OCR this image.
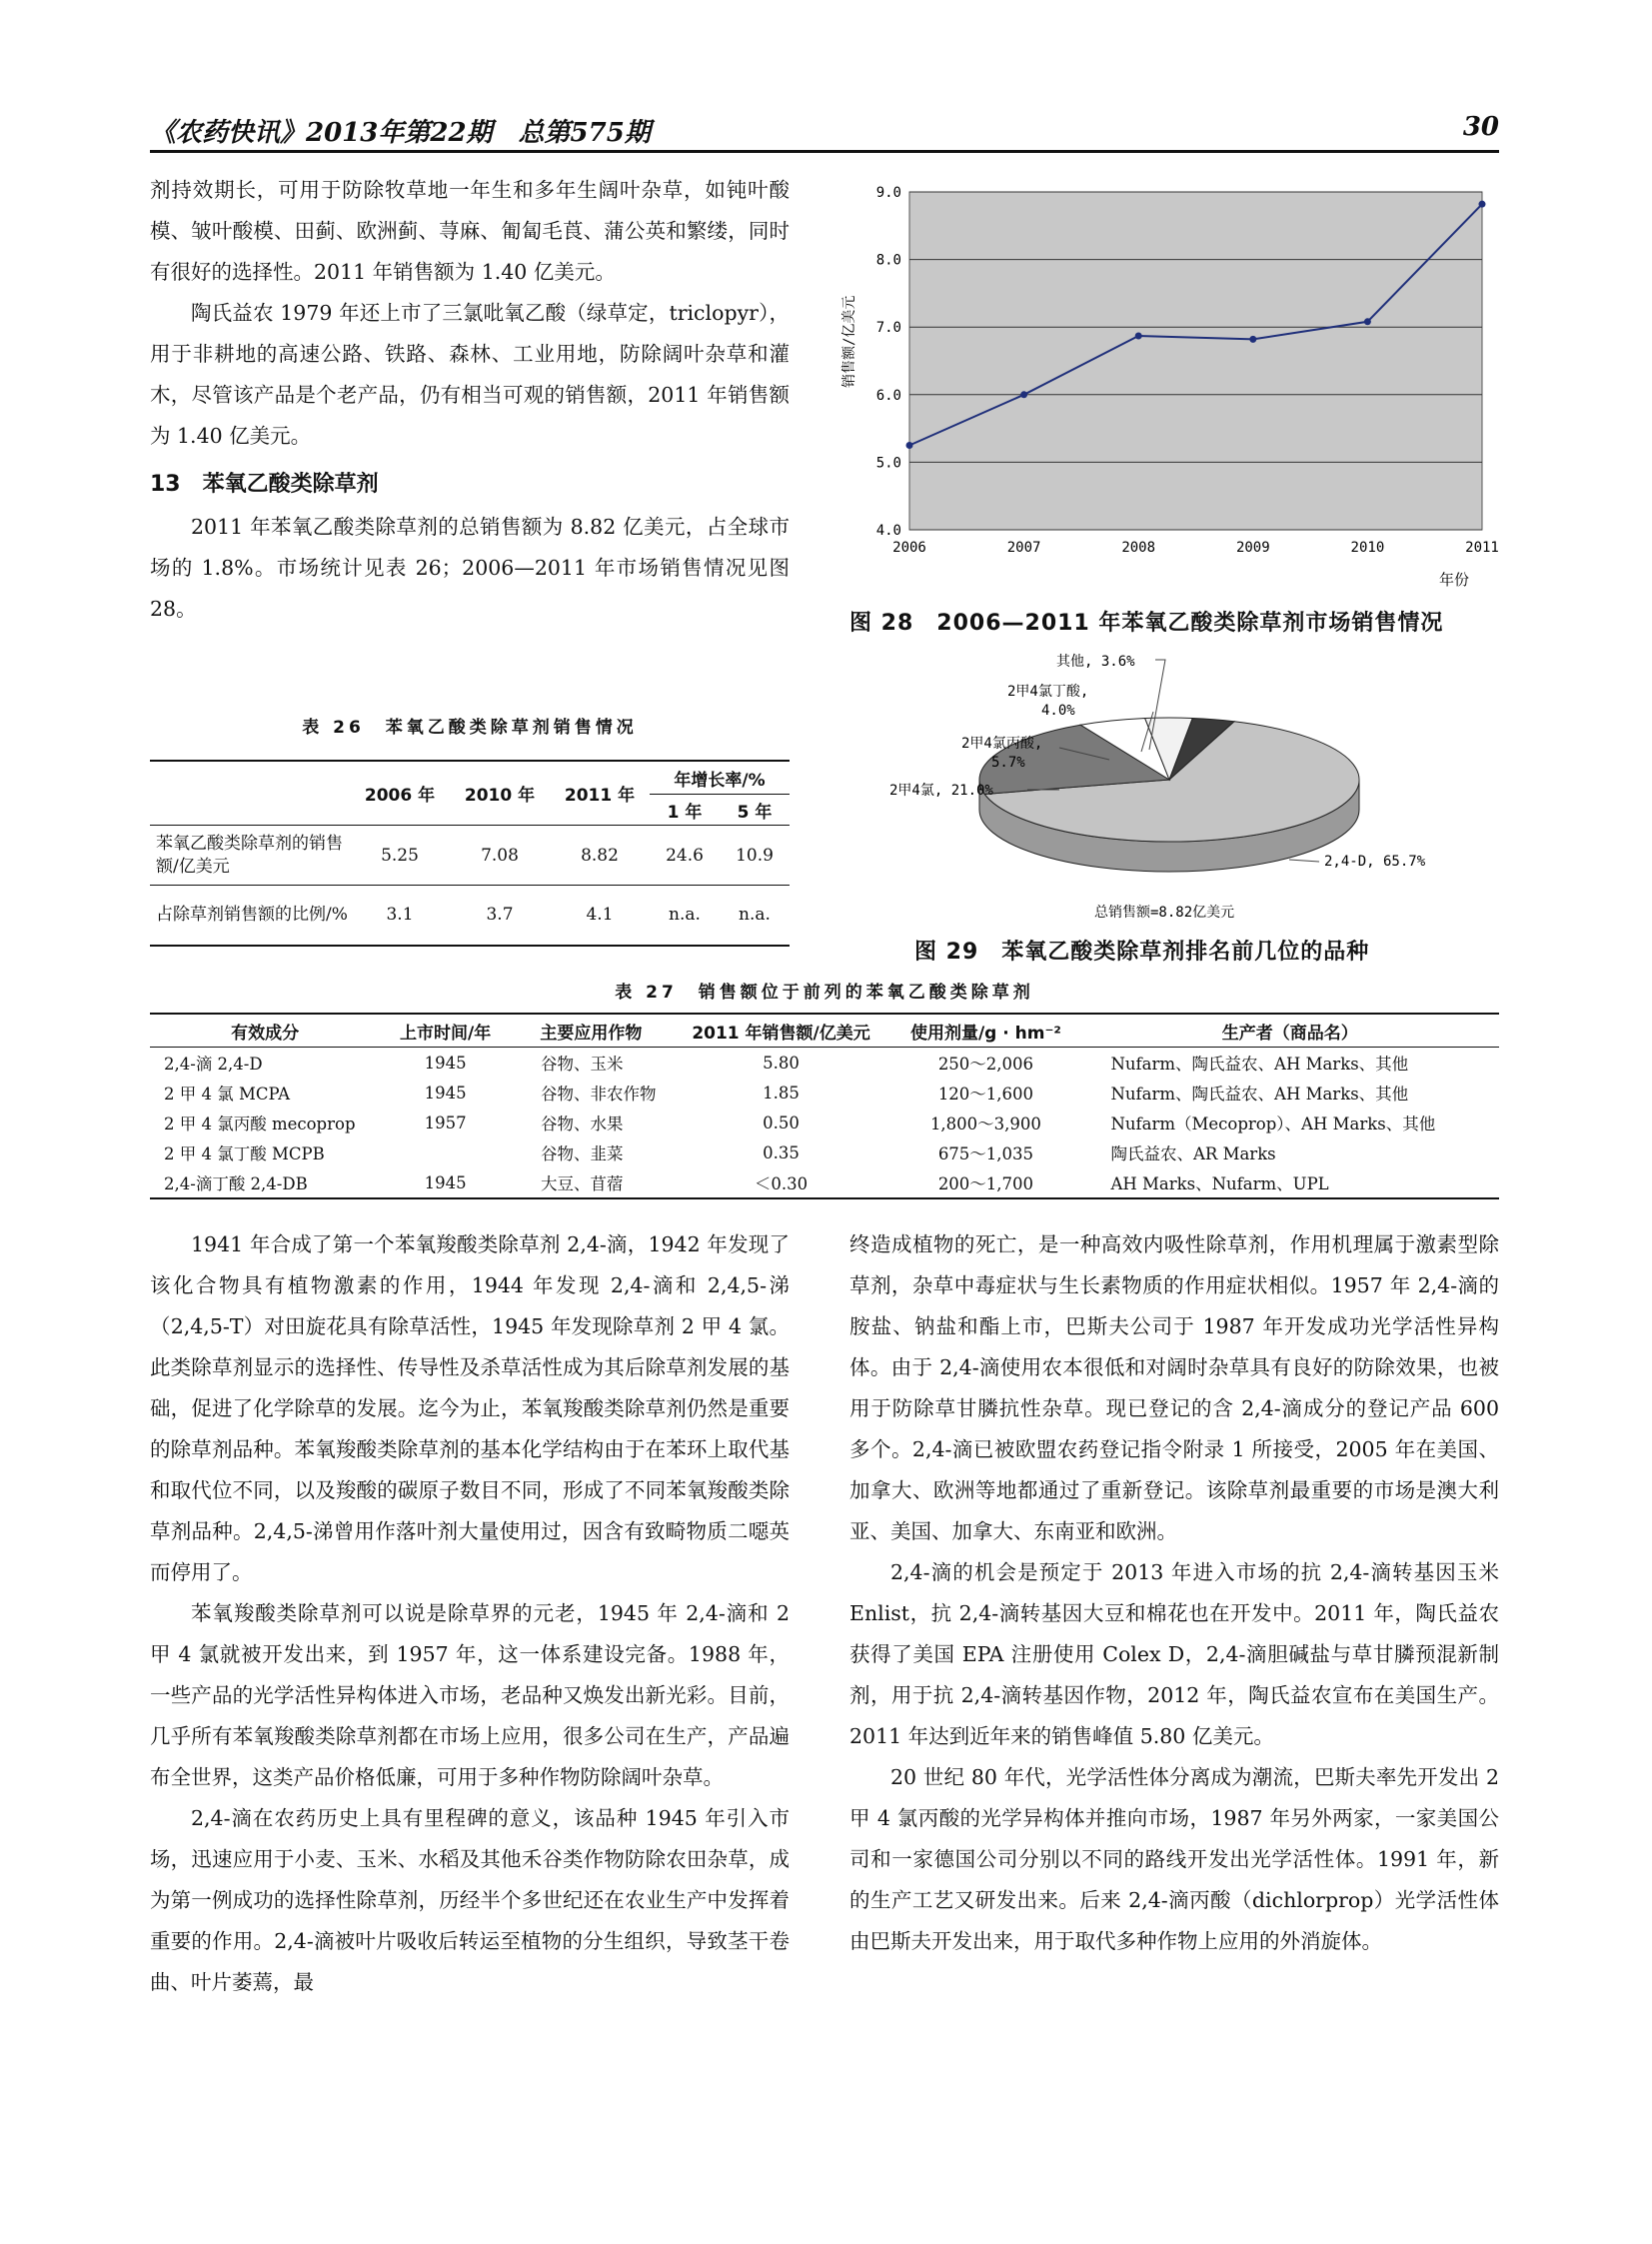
《农药快讯》2013年第22期　总第575期	30

剂持效期长，可用于防除牧草地一年生和多年生阔叶杂草，如钝叶酸模、皱叶酸模、田蓟、欧洲蓟、荨麻、匍匐毛莨、蒲公英和繁缕，同时有很好的选择性。2011 年销售额为 1.40 亿美元。

陶氏益农 1979 年还上市了三氯吡氧乙酸（绿草定，triclopyr），用于非耕地的高速公路、铁路、森林、工业用地，防除阔叶杂草和灌木，尽管该产品是个老产品，仍有相当可观的销售额，2011 年销售额为 1.40 亿美元。

13　苯氧乙酸类除草剂

2011 年苯氧乙酸类除草剂的总销售额为 8.82 亿美元，占全球市场的 1.8%。市场统计见表 26；2006—2011 年市场销售情况见图 28。

表 26　苯氧乙酸类除草剂销售情况
	2006 年	2010 年	2011 年	年增长率/%	
				1 年	5 年
苯氧乙酸类除草剂的销售额/亿美元	5.25	7.08	8.82	24.6	10.9
占除草剂销售额的比例/%	3.1	3.7	4.1	n.a.	n.a.
4.0
5.0
6.0
7.0
8.0
9.0
2006	2007	2008	2009	2010	2011
销售额/亿美元
年份
图 28　2006—2011 年苯氧乙酸类除草剂市场销售情况
其他, 3.6%
2甲4氯丁酸, 4.0%
2甲4氯丙酸, 5.7%
2甲4氯, 21.0%
2,4-D, 65.7%
总销售额=8.82亿美元
图 29　苯氧乙酸类除草剂排名前几位的品种
表 27　销售额位于前列的苯氧乙酸类除草剂
有效成分	上市时间/年	主要应用作物	2011 年销售额/亿美元	使用剂量/g · hm⁻²	生产者（商品名）
2,4-滴 2,4-D	1945	谷物、玉米	5.80	250～2,006	Nufarm、陶氏益农、AH Marks、其他
2 甲 4 氯 MCPA	1945	谷物、非农作物	1.85	120～1,600	Nufarm、陶氏益农、AH Marks、其他
2 甲 4 氯丙酸 mecoprop	1957	谷物、水果	0.50	1,800～3,900	Nufarm（Mecoprop）、AH Marks、其他
2 甲 4 氯丁酸 MCPB		谷物、韭菜	0.35	675～1,035	陶氏益农、AR Marks
2,4-滴丁酸 2,4-DB	1945	大豆、苜蓿	＜0.30	200～1,700	AH Marks、Nufarm、UPL

1941 年合成了第一个苯氧羧酸类除草剂 2,4-滴，1942 年发现了该化合物具有植物激素的作用，1944 年发现 2,4-滴和 2,4,5-涕（2,4,5-T）对田旋花具有除草活性，1945 年发现除草剂 2 甲 4 氯。此类除草剂显示的选择性、传导性及杀草活性成为其后除草剂发展的基础，促进了化学除草的发展。迄今为止，苯氧羧酸类除草剂仍然是重要的除草剂品种。苯氧羧酸类除草剂的基本化学结构由于在苯环上取代基和取代位不同，以及羧酸的碳原子数目不同，形成了不同苯氧羧酸类除草剂品种。2,4,5-涕曾用作落叶剂大量使用过，因含有致畸物质二噁英而停用了。

苯氧羧酸类除草剂可以说是除草界的元老，1945 年 2,4-滴和 2 甲 4 氯就被开发出来，到 1957 年，这一体系建设完备。1988 年，一些产品的光学活性异构体进入市场，老品种又焕发出新光彩。目前，几乎所有苯氧羧酸类除草剂都在市场上应用，很多公司在生产，产品遍布全世界，这类产品价格低廉，可用于多种作物防除阔叶杂草。

2,4-滴在农药历史上具有里程碑的意义，该品种 1945 年引入市场，迅速应用于小麦、玉米、水稻及其他禾谷类作物防除农田杂草，成为第一例成功的选择性除草剂，历经半个多世纪还在农业生产中发挥着重要的作用。2,4-滴被叶片吸收后转运至植物的分生组织，导致茎干卷曲、叶片萎蔫，最

终造成植物的死亡，是一种高效内吸性除草剂，作用机理属于激素型除草剂，杂草中毒症状与生长素物质的作用症状相似。1957 年 2,4-滴的胺盐、钠盐和酯上市，巴斯夫公司于 1987 年开发成功光学活性异构体。由于 2,4-滴使用农本很低和对阔时杂草具有良好的防除效果，也被用于防除草甘膦抗性杂草。现已登记的含 2,4-滴成分的登记产品 600 多个。2,4-滴已被欧盟农药登记指令附录 1 所接受，2005 年在美国、加拿大、欧洲等地都通过了重新登记。该除草剂最重要的市场是澳大利亚、美国、加拿大、东南亚和欧洲。

2,4-滴的机会是预定于 2013 年进入市场的抗 2,4-滴转基因玉米 Enlist，抗 2,4-滴转基因大豆和棉花也在开发中。2011 年，陶氏益农获得了美国 EPA 注册使用 Colex D，2,4-滴胆碱盐与草甘膦预混新制剂，用于抗 2,4-滴转基因作物，2012 年，陶氏益农宣布在美国生产。2011 年达到近年来的销售峰值 5.80 亿美元。

20 世纪 80 年代，光学活性体分离成为潮流，巴斯夫率先开发出 2 甲 4 氯丙酸的光学异构体并推向市场，1987 年另外两家，一家美国公司和一家德国公司分别以不同的路线开发出光学活性体。1991 年，新的生产工艺又研发出来。后来 2,4-滴丙酸（dichlorprop）光学活性体由巴斯夫开发出来，用于取代多种作物上应用的外消旋体。
